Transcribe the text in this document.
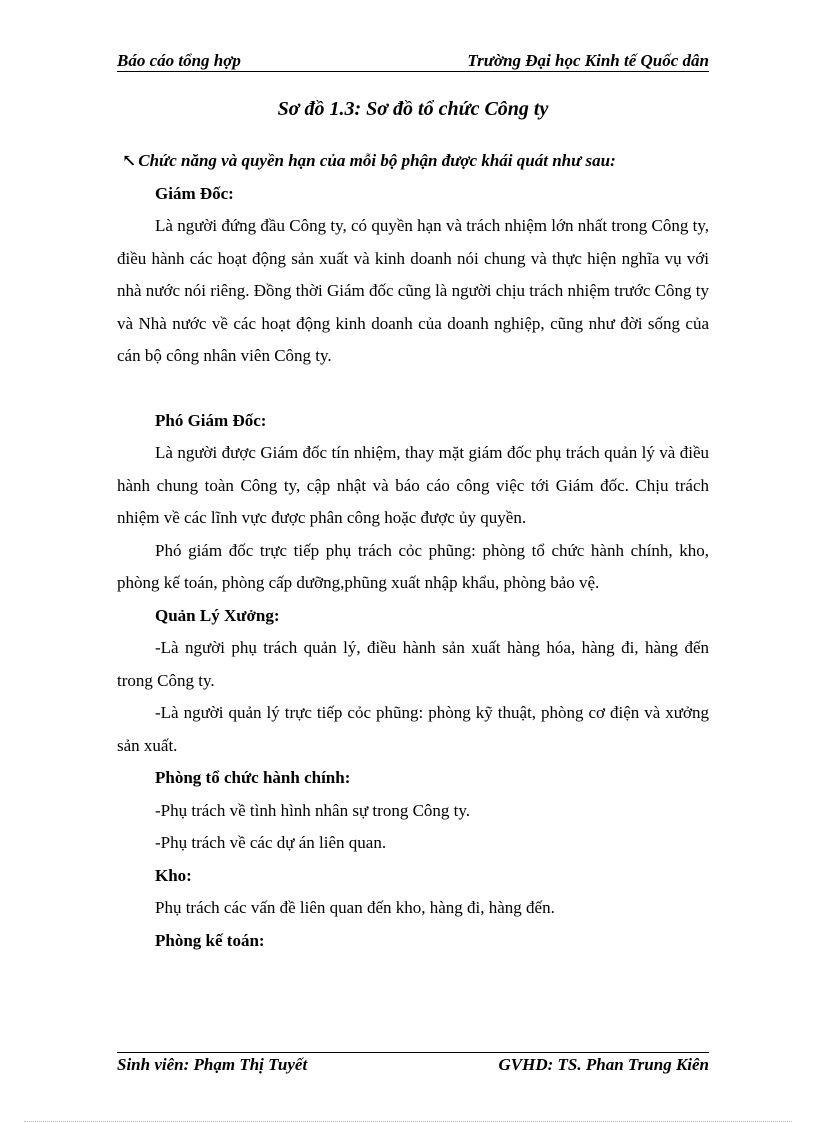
Báo cáo tổng hợp	Trường Đại học Kinh tế Quốc dân
Sơ đồ 1.3: Sơ đồ tổ chức Công ty
↖ Chức năng và quyền hạn của mỗi bộ phận được khái quát như sau:
Giám Đốc:

Là người đứng đầu Công ty, có quyền hạn và trách nhiệm lớn nhất trong Công ty, điều hành các hoạt động sản xuất và kinh doanh nói chung và thực hiện nghĩa vụ với nhà nước nói riêng. Đồng thời Giám đốc cũng là người chịu trách nhiệm trước Công ty và Nhà nước về các hoạt động kinh doanh của doanh nghiệp, cũng như đời sống của cán bộ công nhân viên Công ty.

Phó Giám Đốc:

Là người được Giám đốc tín nhiệm, thay mặt giám đốc phụ trách quản lý và điều hành chung toàn Công ty, cập nhật và báo cáo công việc tới Giám đốc. Chịu trách nhiệm về các lĩnh vực được phân công hoặc được ủy quyền.

Phó giám đốc trực tiếp phụ trách cỏc phũng: phòng tổ chức hành chính, kho, phòng kế toán, phòng cấp dưỡng,phũng xuất nhập khẩu, phòng bảo vệ.

Quản Lý Xưởng:

-Là người phụ trách quản lý, điều hành sản xuất hàng hóa, hàng đi, hàng đến trong Công ty.

-Là người quản lý trực tiếp cỏc phũng: phòng kỹ thuật, phòng cơ điện và xưởng sản xuất.

Phòng tổ chức hành chính:
-Phụ trách về tình hình nhân sự trong Công ty.
-Phụ trách về các dự án liên quan.
Kho:
Phụ trách các vấn đề liên quan đến kho, hàng đi, hàng đến.
Phòng kế toán:
Sinh viên: Phạm Thị Tuyết	GVHD: TS. Phan Trung Kiên
